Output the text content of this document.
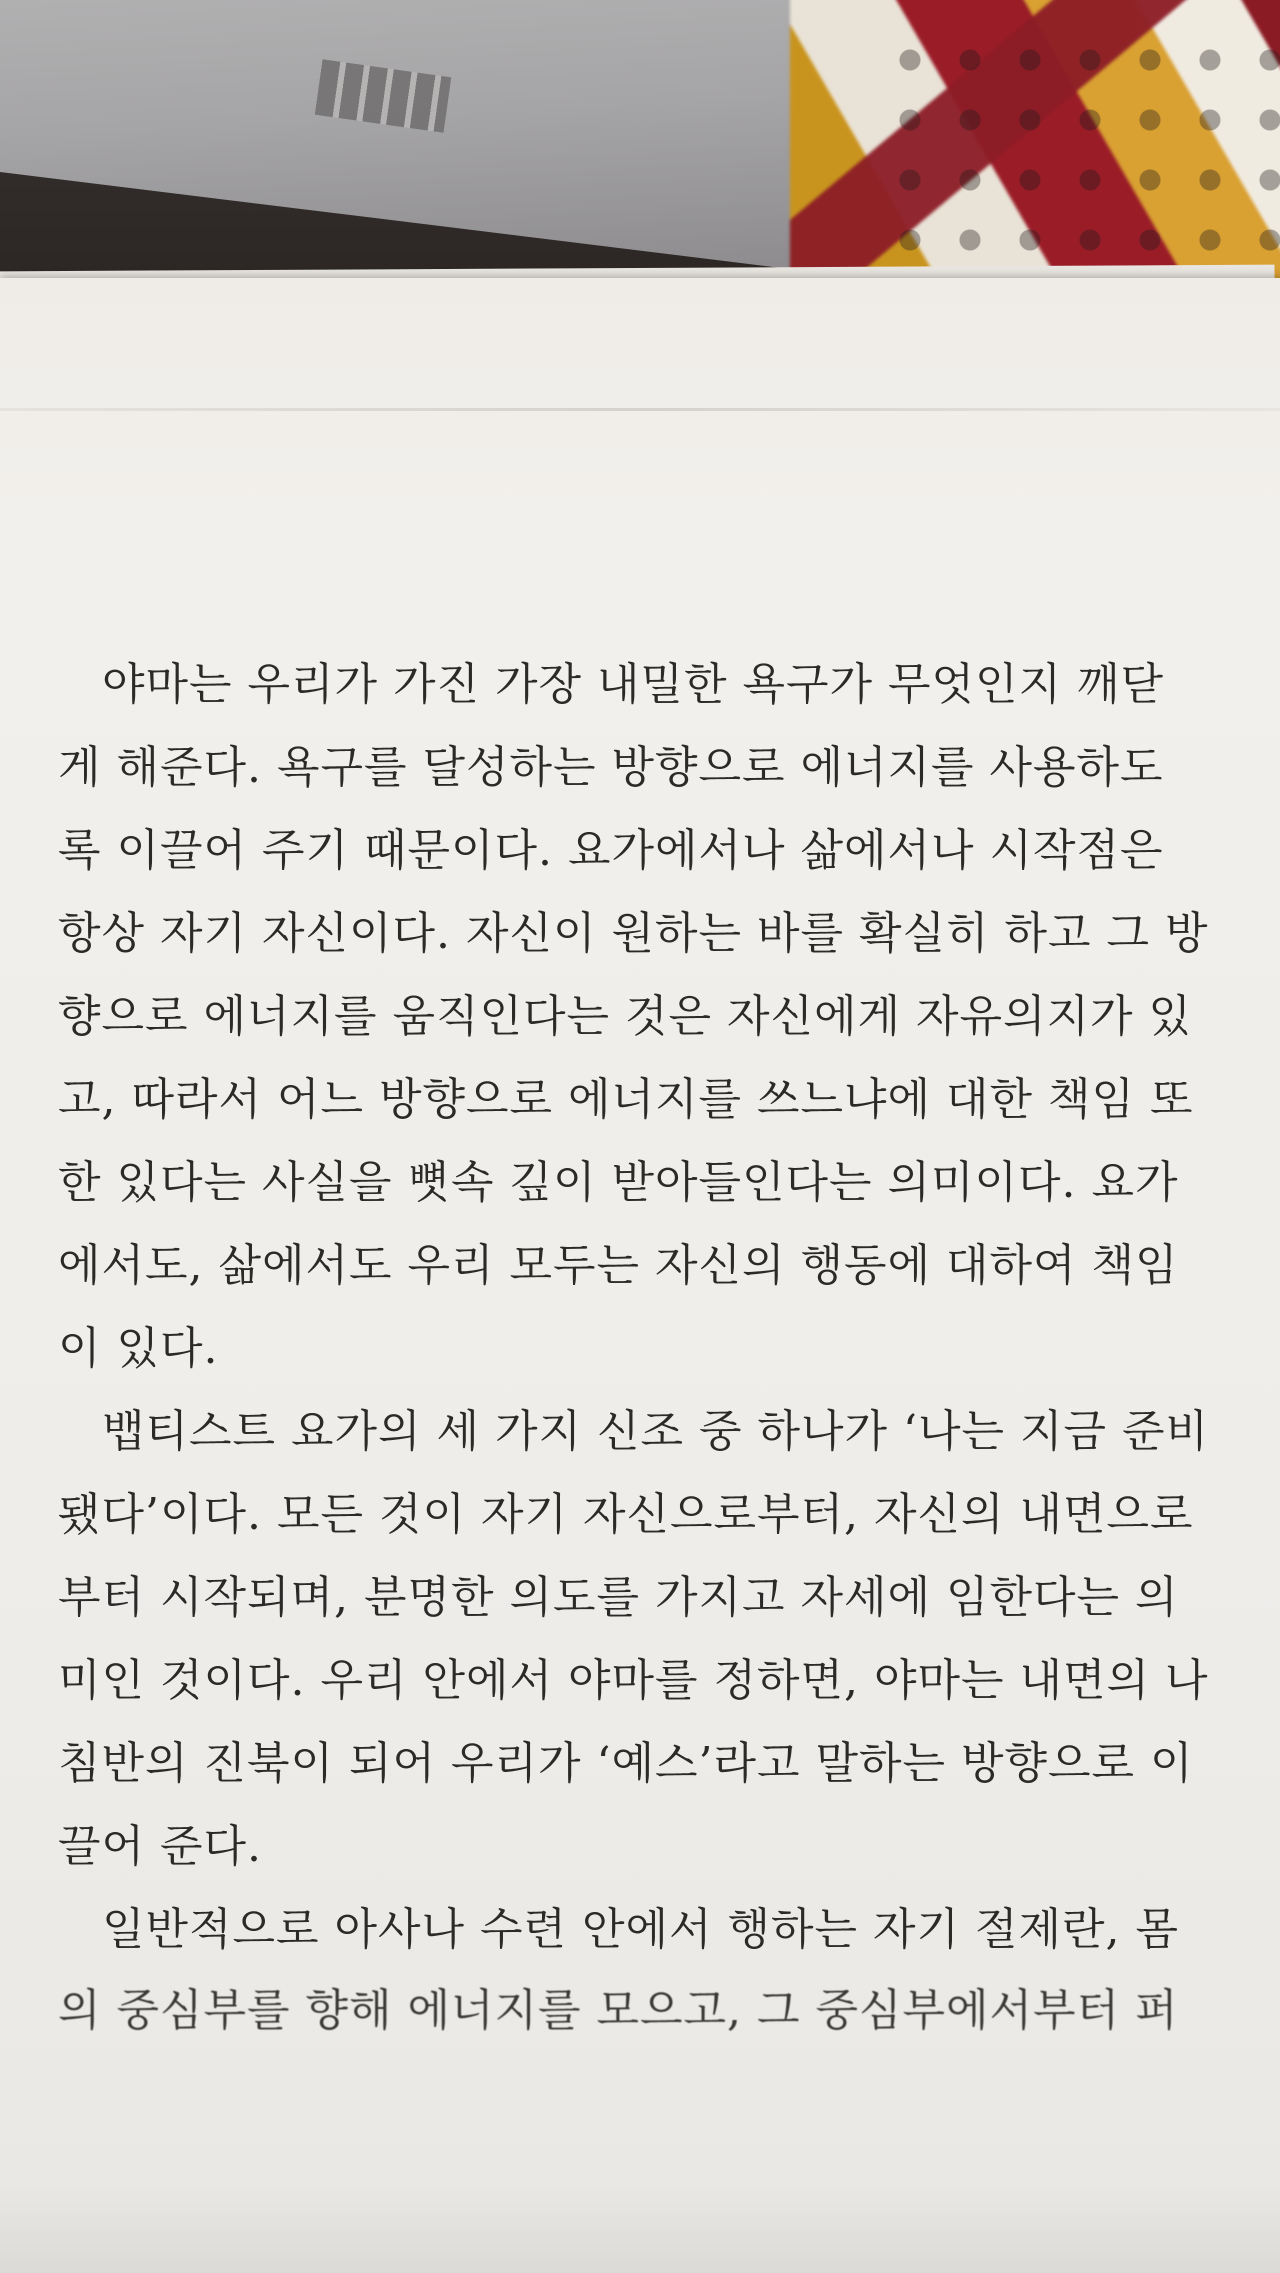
야마는 우리가 가진 가장 내밀한 욕구가 무엇인지 깨닫
게 해준다. 욕구를 달성하는 방향으로 에너지를 사용하도
록 이끌어 주기 때문이다. 요가에서나 삶에서나 시작점은
항상 자기 자신이다. 자신이 원하는 바를 확실히 하고 그 방
향으로 에너지를 움직인다는 것은 자신에게 자유의지가 있
고, 따라서 어느 방향으로 에너지를 쓰느냐에 대한 책임 또
한 있다는 사실을 뼛속 깊이 받아들인다는 의미이다. 요가
에서도, 삶에서도 우리 모두는 자신의 행동에 대하여 책임
이 있다.
뱁티스트 요가의 세 가지 신조 중 하나가 ‘나는 지금 준비
됐다’이다. 모든 것이 자기 자신으로부터, 자신의 내면으로
부터 시작되며, 분명한 의도를 가지고 자세에 임한다는 의
미인 것이다. 우리 안에서 야마를 정하면, 야마는 내면의 나
침반의 진북이 되어 우리가 ‘예스’라고 말하는 방향으로 이
끌어 준다.
일반적으로 아사나 수련 안에서 행하는 자기 절제란, 몸
의 중심부를 향해 에너지를 모으고, 그 중심부에서부터 퍼
